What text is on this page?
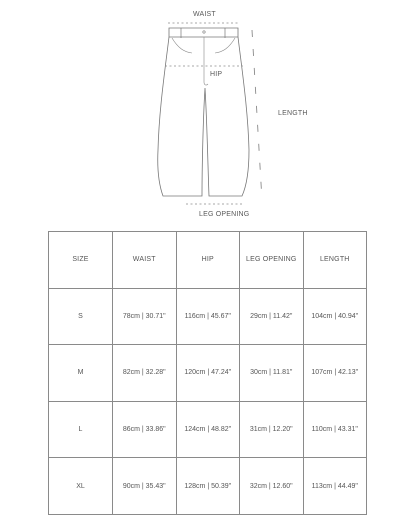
WAIST
HIP
LENGTH
LEG OPENING
SIZE	WAIST	HIP	LEG OPENING	LENGTH
S	78cm | 30.71"	116cm | 45.67"	29cm | 11.42"	104cm | 40.94"
M	82cm | 32.28"	120cm | 47.24"	30cm | 11.81"	107cm | 42.13"
L	86cm | 33.86"	124cm | 48.82"	31cm | 12.20"	110cm | 43.31"
XL	90cm | 35.43"	128cm | 50.39"	32cm | 12.60"	113cm | 44.49"
